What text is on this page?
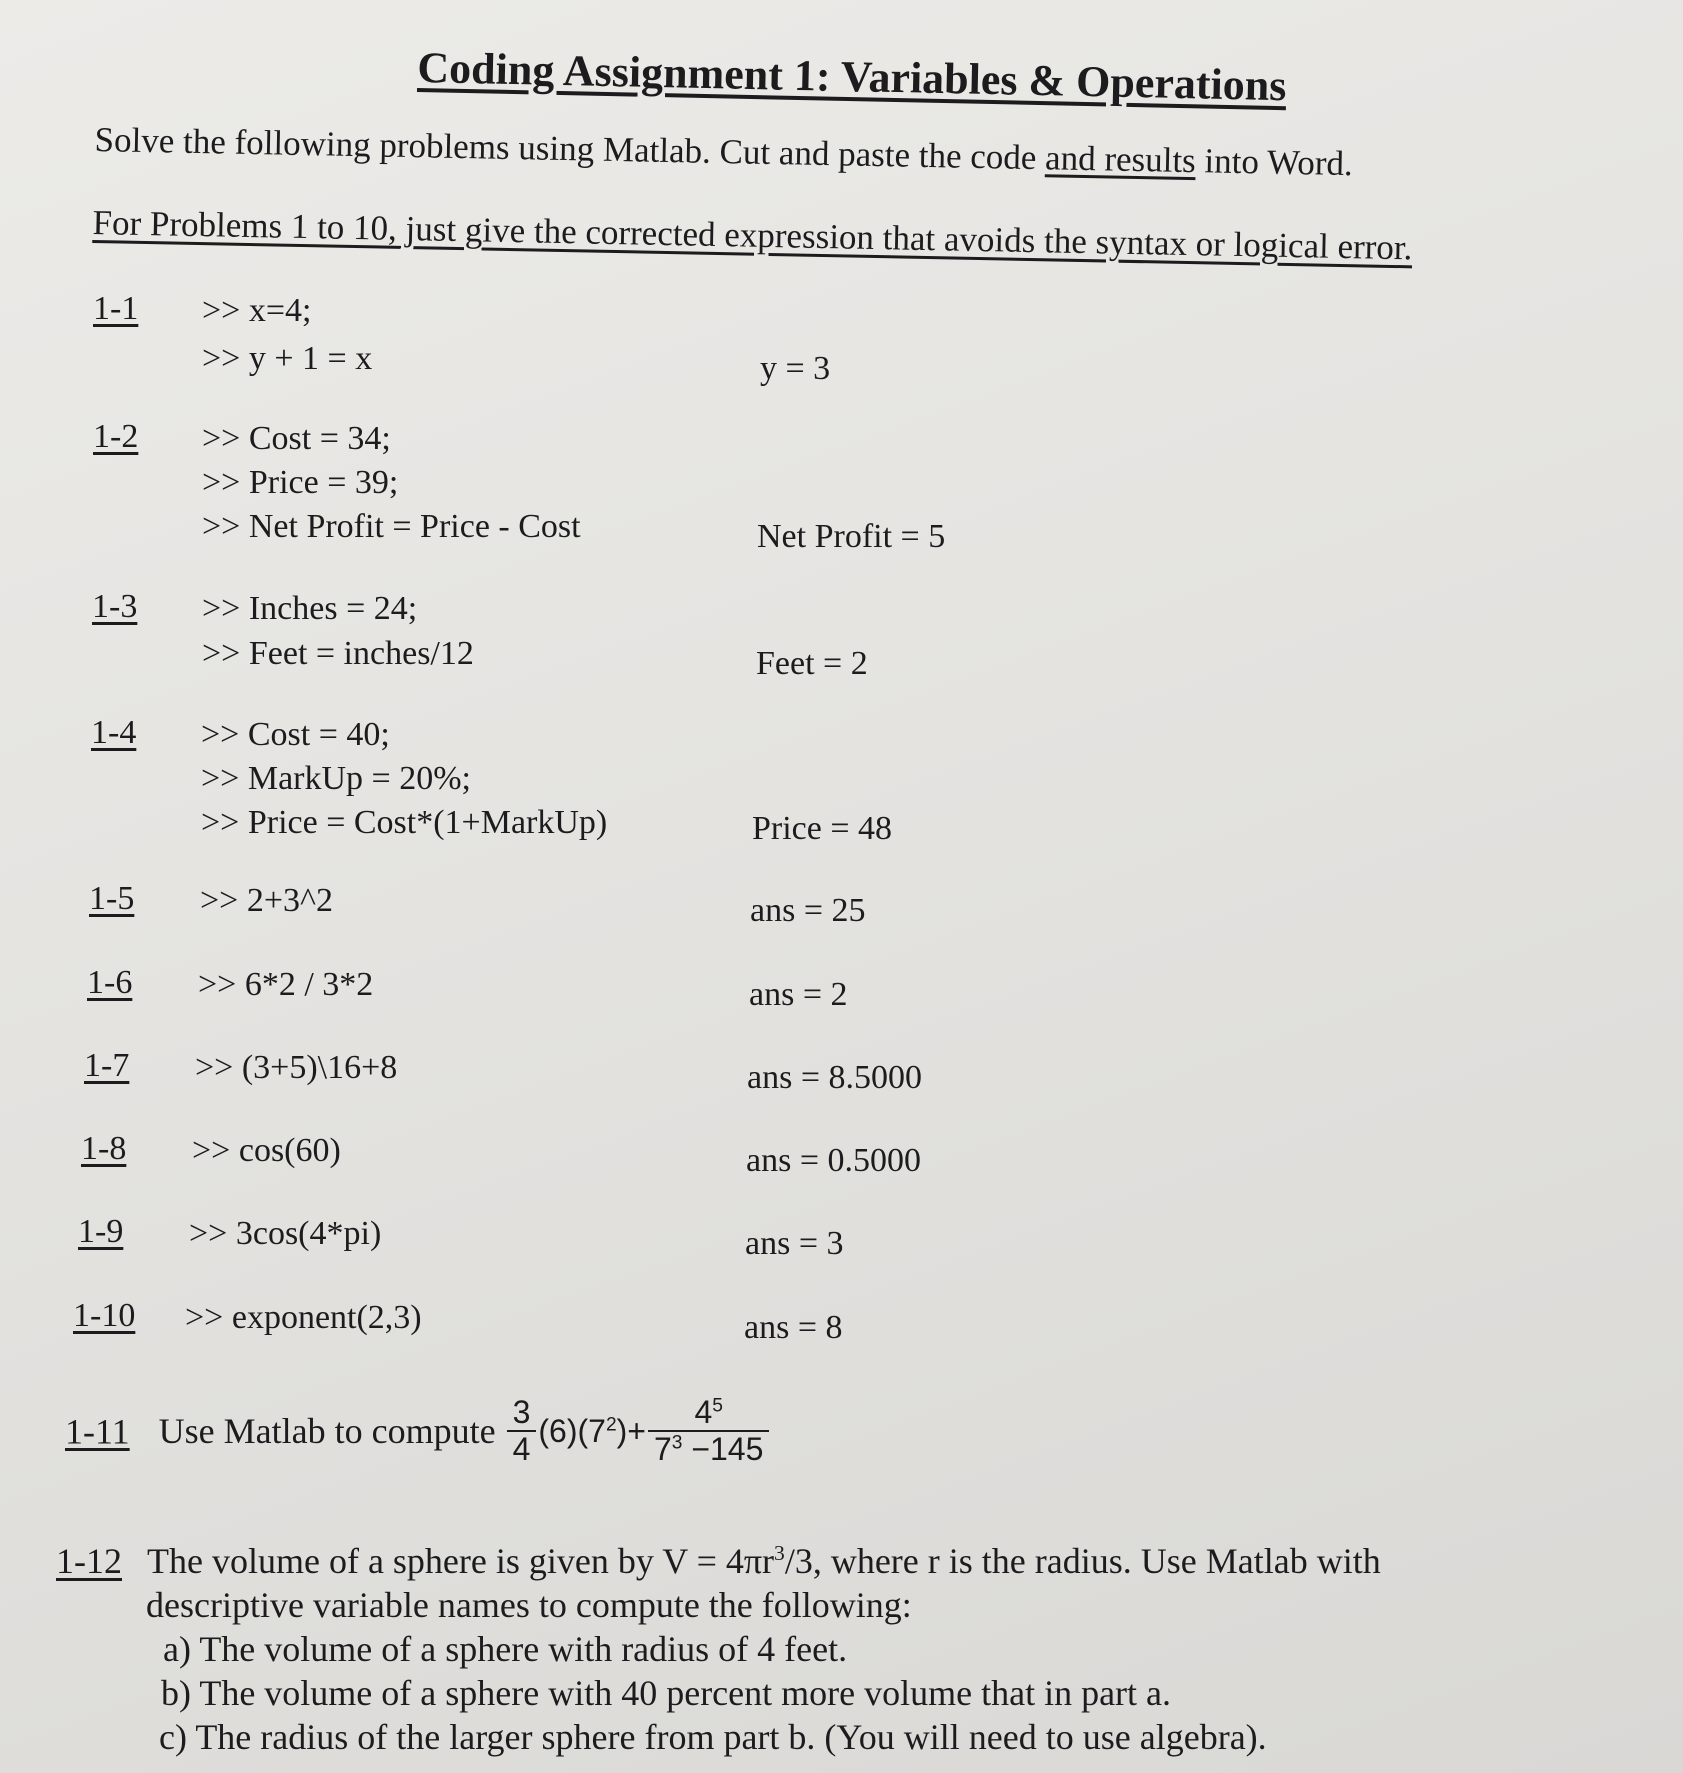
Coding Assignment 1: Variables & Operations
Solve the following problems using Matlab. Cut and paste the code and results into Word.
For Problems 1 to 10, just give the corrected expression that avoids the syntax or logical error.
1-1 >> x=4;
>> y + 1 = x	y = 3
1-2 >> Cost = 34;
>> Price = 39;
>> Net Profit = Price - Cost	Net Profit = 5
1-3 >> Inches = 24;
>> Feet = inches/12	Feet = 2
1-4 >> Cost = 40;
>> MarkUp = 20%;
>> Price = Cost*(1+MarkUp)	Price = 48
1-5 >> 2+3^2	ans = 25
1-6 >> 6*2 / 3*2	ans = 2
1-7 >> (3+5)\16+8	ans = 8.5000
1-8 >> cos(60)	ans = 0.5000
1-9 >> 3cos(4*pi)	ans = 3
1-10 >> exponent(2,3)	ans = 8
1-11 Use Matlab to compute $\frac{3}{4} (6)(7^2)+ \frac{4^5}{7^3 -145}$
1-12 The volume of a sphere is given by $V = 4\pi r^3/3$, where r is the radius. Use Matlab with
descriptive variable names to compute the following:
a) The volume of a sphere with radius of 4 feet.
b) The volume of a sphere with 40 percent more volume that in part a.
c) The radius of the larger sphere from part b. (You will need to use algebra).
